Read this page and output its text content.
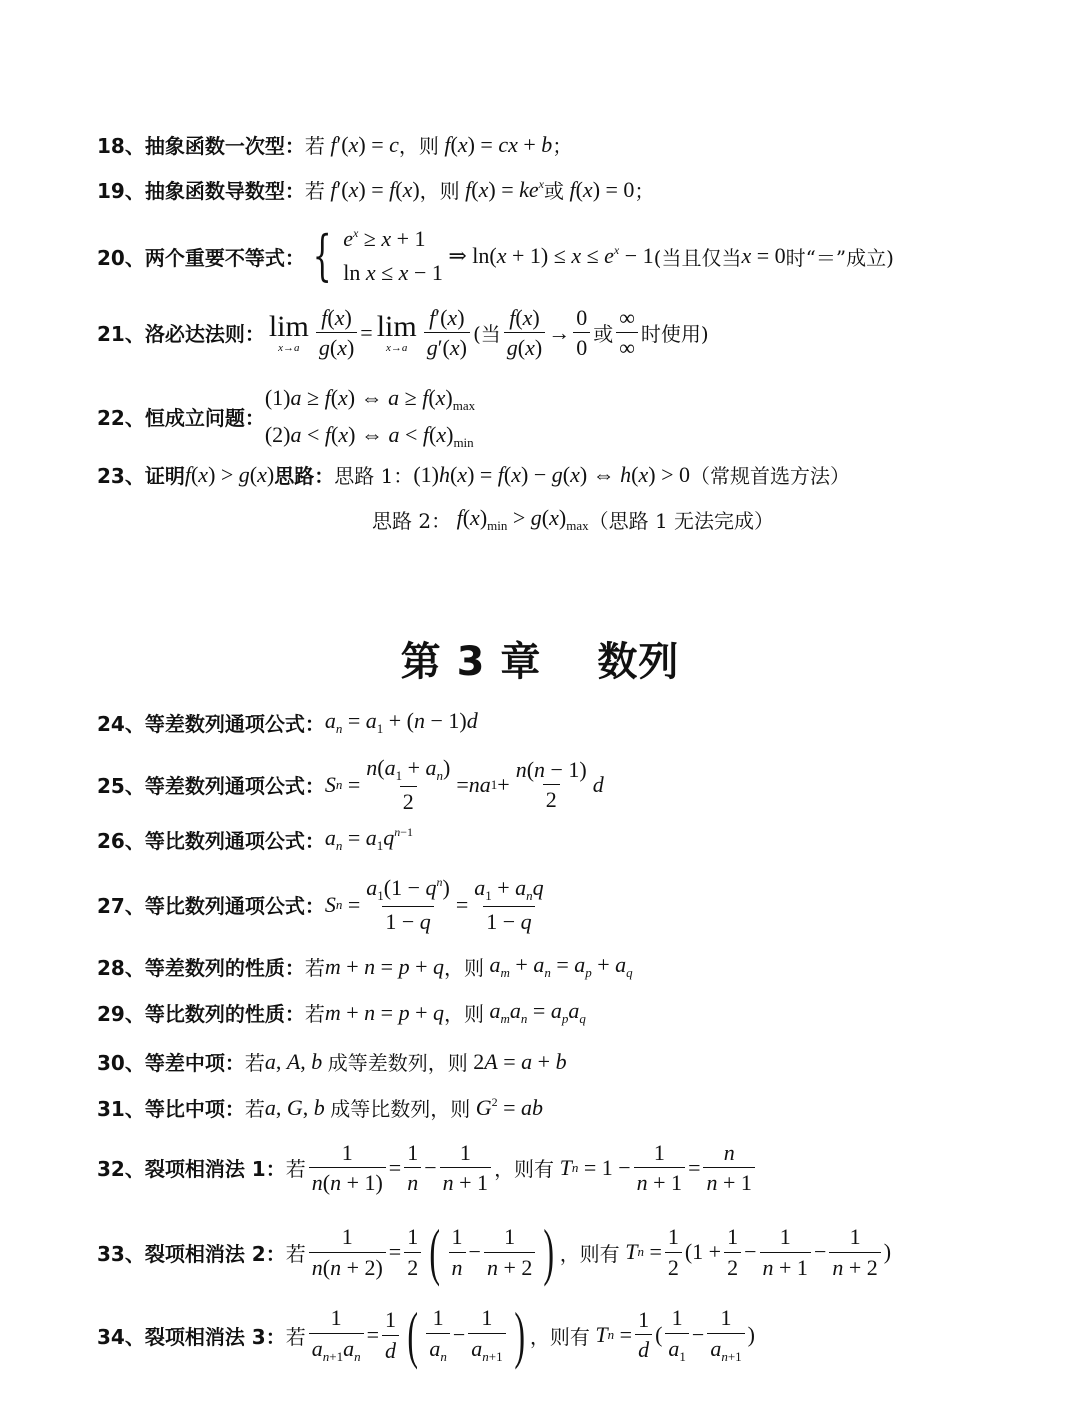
18、 抽象函数一次型： 若 f′(x) = c ，则 f(x) = cx + b ；
19、 抽象函数导数型： 若 f′(x) = f(x) ，则 $f(x) = ke^x$ 或 f(x) = 0 ；
20、 两个重要不等式： { $e^x \ge x + 1$
ln x ≤ x − 1
⇒ $\ln(x + 1) \le x \le e^x - 1$ (当且仅当 x = 0 时“＝”成立)
21、 洛必达法则： lim
$x\to a \frac{f(x)}{g(x)} = \lim$
$x\to a \frac{f'(x)}{g'(x)}$ (当 $\frac{f(x)}{g(x)} \to \frac{0}{0}$ 或 $\frac{\infty}{\infty}$ 时使用)
22、 恒成立问题：
(1)a ≥ f(x) ⇔ $a \ge f(x)_{max}$
(2)a < f(x) ⇔ $a < f(x)_{min}$
23、 证明 f(x) > g(x) 思路： 思路 1： (1)h(x) = f(x) − g(x) ⇔ h(x) > 0 （常规首选方法）
思路 2： $f(x)_{min} > g(x)_{max}$ （思路 1 无法完成）
第 3 章 数列
24、 等差数列通项公式： $a_n = a_1 + (n - 1)d$
25、 等差数列通项公式： S $n = \frac{n(a_1 + a_n)}{2}$ = na $1 + \frac{n(n - 1)}{2}$ d
26、 等比数列通项公式： $a_n = a_1q^{n-1}$
27、 等比数列通项公式： S $n = \frac{a_1(1 - q^n)}{1 - q} = \frac{a_1 + a_nq}{1 - q}$
28、 等差数列的性质： 若 m + n = p + q ，则 $a_m + a_n = a_p + a_q$
29、 等比数列的性质： 若 m + n = p + q ，则 $a_ma_n = a_pa_q$
30、 等差中项： 若 a, A, b 成等差数列，则 2A = a + b
31、 等比中项： 若 a, G, b 成等比数列，则 $G^2$ = ab
32、 裂项相消法 1： 若 $\frac{1}{n(n + 1)} = \frac{1}{n} - \frac{1}{n + 1}$ ，则有
T $n = 1 - \frac{1}{n + 1} = \frac{n}{n + 1}$
33、 裂项相消法 2： 若 $\frac{1}{n(n + 2)} = \frac{1}{2}$ ( $\frac{1}{n} - \frac{1}{n + 2}$ ) ，则有
T $n = \frac{1}{2} (1 + \frac{1}{2} - \frac{1}{n + 1} - \frac{1}{n + 2}$ )
34、 裂项相消法 3： 若 $\frac{1}{a_{n+1}a_n} = \frac{1}{d}$ ( $\frac{1}{a_n} - \frac{1}{a_{n+1}}$ ) ，则有
T $n = \frac{1}{d}$ ( $\frac{1}{a_1} - \frac{1}{a_{n+1}}$ )
